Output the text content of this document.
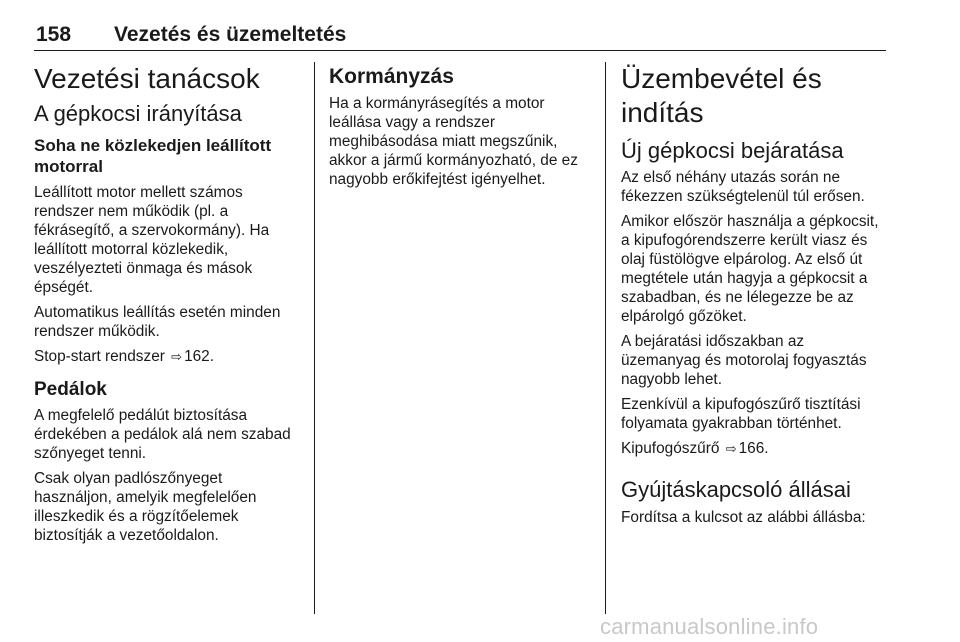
158 Vezetés és üzemeltetés
Vezetési tanácsok
A gépkocsi irányítása
Soha ne közlekedjen leállított
motorral
Leállított motor mellett számos
rendszer nem működik (pl. a
fékrásegítő, a szervokormány). Ha
leállított motorral közlekedik,
veszélyezteti önmaga és mások
épségét.
Automatikus leállítás esetén minden
rendszer működik.
Stop-start rendszer ⇨ 162.
Pedálok
A megfelelő pedálút biztosítása
érdekében a pedálok alá nem szabad
szőnyeget tenni.
Csak olyan padlószőnyeget
használjon, amelyik megfelelően
illeszkedik és a rögzítőelemek
biztosítják a vezetőoldalon.
Kormányzás
Ha a kormányrásegítés a motor
leállása vagy a rendszer
meghibásodása miatt megszűnik,
akkor a jármű kormányozható, de ez
nagyobb erőkifejtést igényelhet.
Üzembevétel és indítás
Új gépkocsi bejáratása
Az első néhány utazás során ne
fékezzen szükségtelenül túl erősen.
Amikor először használja a gépkocsit,
a kipufogórendszerre került viasz és
olaj füstölögve elpárolog. Az első út
megtétele után hagyja a gépkocsit a
szabadban, és ne lélegezze be az
elpárolgó gőzöket.
A bejáratási időszakban az
üzemanyag és motorolaj fogyasztás
nagyobb lehet.
Ezenkívül a kipufogószűrő tisztítási
folyamata gyakrabban történhet.
Kipufogószűrő ⇨ 166.
Gyújtáskapcsoló állásai
Fordítsa a kulcsot az alábbi állásba:
carmanualsonline.info
